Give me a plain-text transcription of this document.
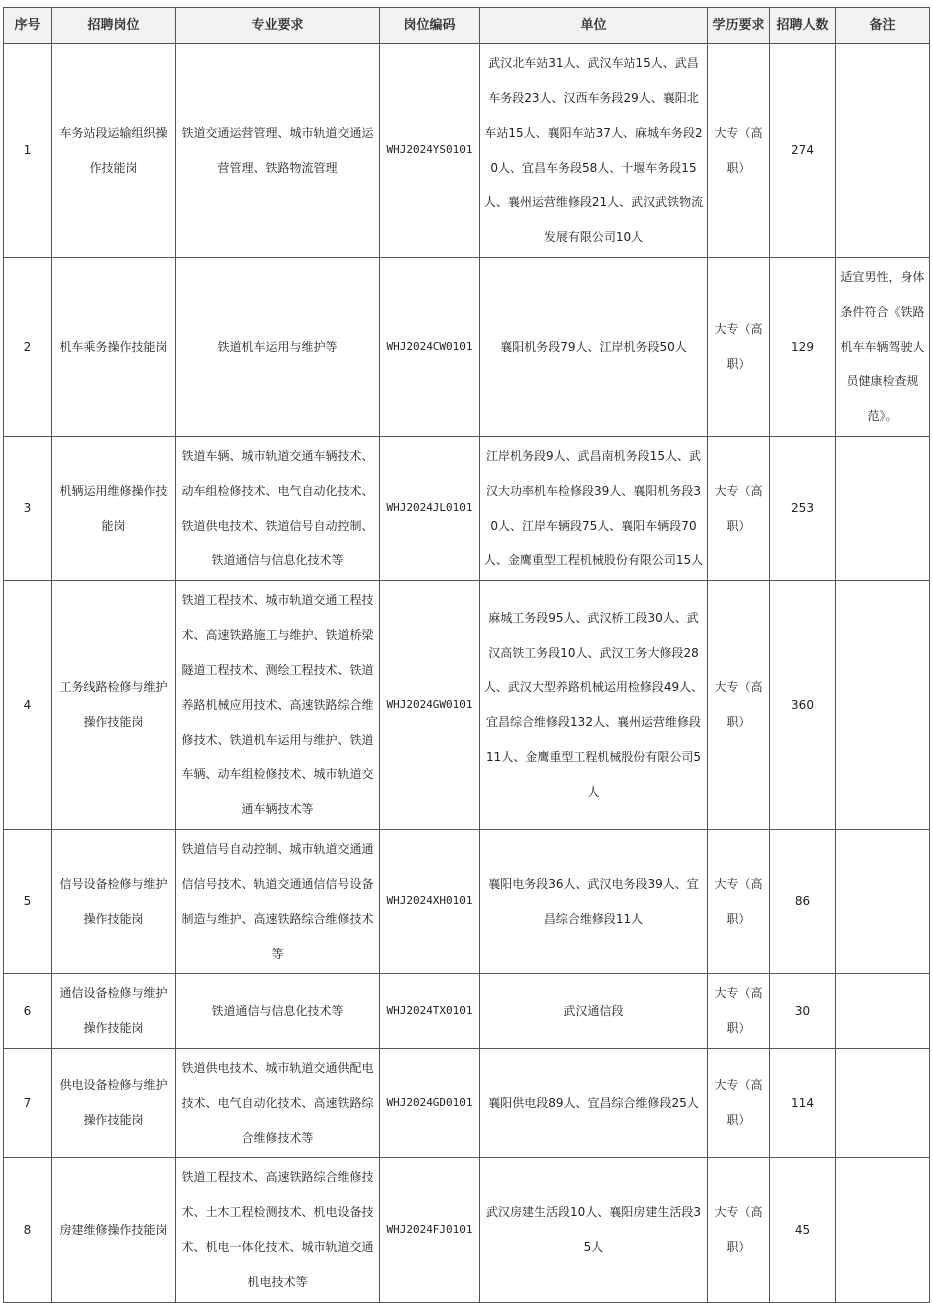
序号	招聘岗位	专业要求	岗位编码	单位	学历要求	招聘人数	备注
1	车务站段运输组织操作技能岗	铁道交通运营管理、城市轨道交通运营管理、铁路物流管理	WHJ2024YS0101	武汉北车站31人、武汉车站15人、武昌车务段23人、汉西车务段29人、襄阳北车站15人、襄阳车站37人、麻城车务段20人、宜昌车务段58人、十堰车务段15人、襄州运营维修段21人、武汉武铁物流发展有限公司10人	大专（高职）	274	
2	机车乘务操作技能岗	铁道机车运用与维护等	WHJ2024CW0101	襄阳机务段79人、江岸机务段50人	大专（高职）	129	适宜男性，身体条件符合《铁路机车车辆驾驶人员健康检查规范》。
3	机辆运用维修操作技能岗	铁道车辆、城市轨道交通车辆技术、动车组检修技术、电气自动化技术、铁道供电技术、铁道信号自动控制、铁道通信与信息化技术等	WHJ2024JL0101	江岸机务段9人、武昌南机务段15人、武汉大功率机车检修段39人、襄阳机务段30人、江岸车辆段75人、襄阳车辆段70人、金鹰重型工程机械股份有限公司15人	大专（高职）	253	
4	工务线路检修与维护操作技能岗	铁道工程技术、城市轨道交通工程技术、高速铁路施工与维护、铁道桥梁隧道工程技术、测绘工程技术、铁道养路机械应用技术、高速铁路综合维修技术、铁道机车运用与维护、铁道车辆、动车组检修技术、城市轨道交通车辆技术等	WHJ2024GW0101	麻城工务段95人、武汉桥工段30人、武汉高铁工务段10人、武汉工务大修段28人、武汉大型养路机械运用检修段49人、宜昌综合维修段132人、襄州运营维修段11人、金鹰重型工程机械股份有限公司5人	大专（高职）	360	
5	信号设备检修与维护操作技能岗	铁道信号自动控制、城市轨道交通通信信号技术、轨道交通通信信号设备制造与维护、高速铁路综合维修技术等	WHJ2024XH0101	襄阳电务段36人、武汉电务段39人、宜昌综合维修段11人	大专（高职）	86	
6	通信设备检修与维护操作技能岗	铁道通信与信息化技术等	WHJ2024TX0101	武汉通信段	大专（高职）	30	
7	供电设备检修与维护操作技能岗	铁道供电技术、城市轨道交通供配电技术、电气自动化技术、高速铁路综合维修技术等	WHJ2024GD0101	襄阳供电段89人、宜昌综合维修段25人	大专（高职）	114	
8	房建维修操作技能岗	铁道工程技术、高速铁路综合维修技术、土木工程检测技术、机电设备技术、机电一体化技术、城市轨道交通机电技术等	WHJ2024FJ0101	武汉房建生活段10人、襄阳房建生活段35人	大专（高职）	45	
